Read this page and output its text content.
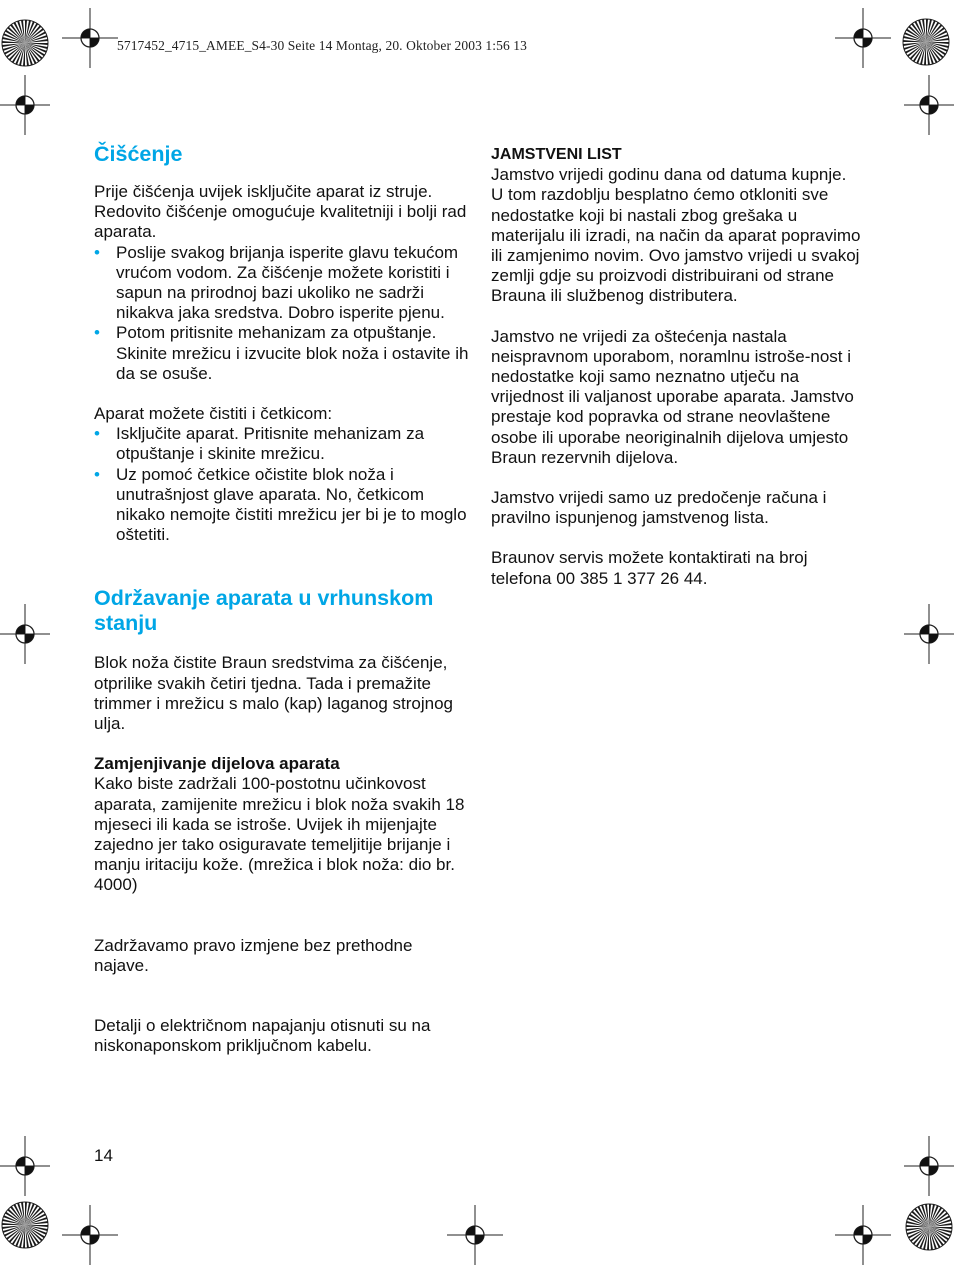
5717452_4715_AMEE_S4-30 Seite 14 Montag, 20. Oktober 2003 1:56 13
Čišćenje

Prije čišćenja uvijek isključite aparat iz struje. Redovito čišćenje omogućuje kvalitetniji i bolji rad aparata.

• Poslije svakog brijanja isperite glavu tekućom vrućom vodom. Za čišćenje možete koristiti i sapun na prirodnoj bazi ukoliko ne sadrži nikakva jaka sredstva. Dobro isperite pjenu.
• Potom pritisnite mehanizam za otpuštanje. Skinite mrežicu i izvucite blok noža i ostavite ih da se osuše.

Aparat možete čistiti i četkicom:

• Isključite aparat. Pritisnite mehanizam za otpuštanje i skinite mrežicu.
• Uz pomoć četkice očistite blok noža i unutrašnjost glave aparata. No, četkicom nikako nemojte čistiti mrežicu jer bi je to moglo oštetiti.
Održavanje aparata u vrhunskom stanju

Blok noža čistite Braun sredstvima za čišćenje, otprilike svakih četiri tjedna. Tada i premažite trimmer i mrežicu s malo (kap) laganog strojnog ulja.

Zamjenjivanje dijelova aparata

Kako biste zadržali 100-postotnu učinkovost aparata, zamijenite mrežicu i blok noža svakih 18 mjeseci ili kada se istroše. Uvijek ih mijenjajte zajedno jer tako osiguravate temeljitije brijanje i manju iritaciju kože. (mrežica i blok noža: dio br. 4000)

Zadržavamo pravo izmjene bez prethodne najave.

Detalji o električnom napajanju otisnuti su na niskonaponskom priključnom kabelu.

14

JAMSTVENI LIST

Jamstvo vrijedi godinu dana od datuma kupnje. U tom razdoblju besplatno ćemo otkloniti sve nedostatke koji bi nastali zbog grešaka u materijalu ili izradi, na način da aparat popravimo ili zamjenimo novim. Ovo jamstvo vrijedi u svakoj zemlji gdje su proizvodi distribuirani od strane Brauna ili službenog distributera.

Jamstvo ne vrijedi za oštećenja nastala neispravnom uporabom, noramlnu istroše-nost i nedostatke koji samo neznatno utječu na vrijednost ili valjanost uporabe aparata. Jamstvo prestaje kod popravka od strane neovlaštene osobe ili uporabe neoriginalnih dijelova umjesto Braun rezervnih dijelova.

Jamstvo vrijedi samo uz predočenje računa i pravilno ispunjenog jamstvenog lista.

Braunov servis možete kontaktirati na broj telefona 00 385 1 377 26 44.
